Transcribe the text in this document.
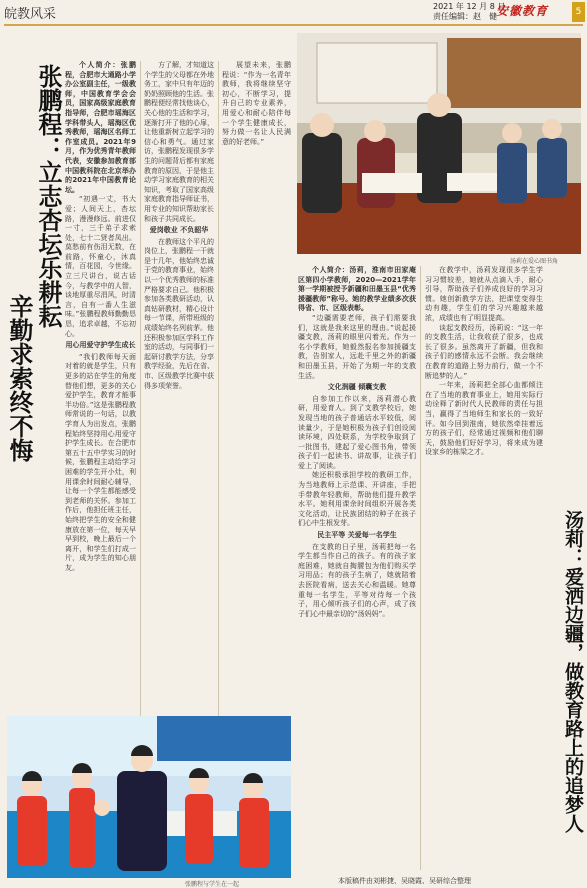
皖教风采
2021 年 12 月 8 日
责任编辑：赵　健 安徽教育	5
张鹏程：立志杏坛乐耕耘
辛勤求索终不悔

个人简介：张鹏程，合肥市大通路小学办公室副主任，一级教师，中国教育学会会员，国家高级家庭教育指导师，合肥市瑶海区学科带头人，瑶海区优秀教师，瑶海区名师工作室成员。2021年9月，作为优秀青年教师代表，安徽参加教育部中国教科院在北京举办的2021年中国教育论坛。

“初遇一丈，书大爱；人间天上，杏坛路，漫漫修远。前进仅一寸，三千弟子求索处，七十二贤者凤出。莫愁前有伤泪无数，在前路，怀童心，沐真情，百花园，今世缘。立三尺讲台，说古话今，与教学中的人智，谈地厚重尽涓风，时清言，自有一番人生滋味。”张鹏程教师勤勤恳恳，追求卓越，不忘初心。

用心用爱守护学生成长

“我们教师每天面对着的就是学生，只有更多的站在学生的角度替他们想，更多的关心爱护学生，教育才能事半功倍。”这是张鹏程教师常说的一句话，以教学育人为出发点，张鹏程始终坚持用心用爱守护学生成长。在合肥市第五十五中学实习的时候，张鹏程主动给学习困难的学生开小灶，利用课余时间耐心辅导，让每一个学生都能感受到老师的关怀。参加工作后，他担任班主任，始终把学生的安全和健康放在第一位，每天早早到校，晚上最后一个离开，和学生们打成一片，成为学生的知心朋友。

方了解，才知道这个学生的父母都在外地务工，家中只有年迈的奶奶照顾他的生活。张鹏程便经常找他谈心，关心他的生活和学习，逐渐打开了他的心扉，让他重新树立起学习的信心和勇气。通过家访，张鹏程发现很多学生的问题背后都有家庭教育的原因，于是他主动学习家庭教育的相关知识，考取了国家高级家庭教育指导师证书，用专业的知识帮助家长和孩子共同成长。

爱岗敬业 不负韶华

在教师这个平凡的岗位上，张鹏程一干就是十几年，他始终忠诚于党的教育事业，始终以一个优秀教师的标准严格要求自己。他积极参加各类教研活动，认真钻研教材，精心设计每一节课，所带班级的成绩始终名列前茅。他还积极参加区学科工作室的活动，与同事们一起研讨教学方法，分享教学经验，先后在省、市、区级教学比赛中获得多项荣誉。

展望未来，张鹏程说：“作为一名青年教师，我将继续坚守初心，不断学习，提升自己的专业素养，用爱心和耐心陪伴每一个学生健康成长，努力做一名让人民满意的好老师。”

张鹏程与学生在一起
汤莉在爱心图书角

个人简介：汤莉，淮南市田家庵区第四小学教师，2020—2021学年第一学期被授予新疆和田墨玉县“优秀援疆教师”称号。她的教学业绩多次获得省、市、区级表彰。

“边疆需要老师，孩子们需要我们，这就是我来这里的理由。”说起援疆支教，汤莉的眼里闪着光。作为一名小学教师，她毅然报名参加援疆支教，告别家人，远赴千里之外的新疆和田墨玉县，开始了为期一年的支教生活。

文化润疆 倾囊支教

自参加工作以来，汤莉潜心教研，用爱育人。到了支教学校后，她发现当地的孩子普通话水平较低，阅读量少，于是她积极为孩子们创设阅读环境，四处联系，为学校争取到了一批图书，建起了爱心图书角，带领孩子们一起读书、讲故事，让孩子们爱上了阅读。

她还积极承担学校的教研工作，为当地教师上示范课、开讲座，手把手带教年轻教师，帮助他们提升教学水平。她利用课余时间组织开展各类文化活动，让民族团结的种子在孩子们心中生根发芽。

民主平等 关爱每一名学生

在支教的日子里，汤莉把每一名学生都当作自己的孩子。有的孩子家庭困难，她就自掏腰包为他们购买学习用品；有的孩子生病了，她就陪着去医院看病，送去关心和温暖。她尊重每一名学生，平等对待每一个孩子，用心倾听孩子们的心声，成了孩子们心中最亲切的“汤妈妈”。

在教学中，汤莉发现很多学生学习习惯较差，她就从点滴入手，耐心引导，帮助孩子们养成良好的学习习惯。她创新教学方法，把课堂变得生动有趣，学生们的学习兴趣越来越浓，成绩也有了明显提高。

谈起支教经历，汤莉说：“这一年的支教生活，让我收获了很多，也成长了很多。虽然离开了新疆，但我和孩子们的感情永远不会断。我会继续在教育的道路上努力前行，做一个不断追梦的人。”

一年来，汤莉把全部心血都倾注在了当地的教育事业上，她用实际行动诠释了新时代人民教师的责任与担当，赢得了当地师生和家长的一致好评。如今回到淮南，她依然牵挂着远方的孩子们，经常通过视频和他们聊天，鼓励他们好好学习，将来成为建设家乡的栋梁之才。

汤莉：爱洒边疆，做教育路上的追梦人
本版稿件由刘彬捷、吴晓霞、吴研综合整理
